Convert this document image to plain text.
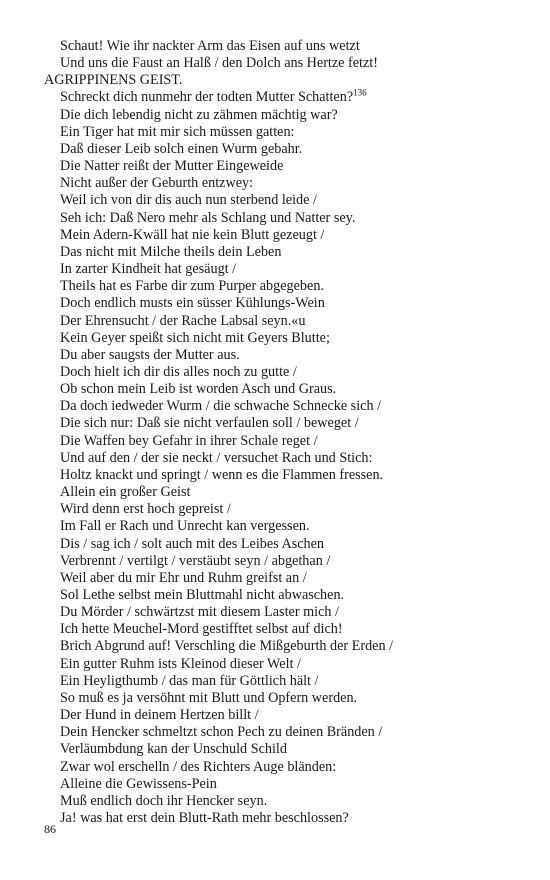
Schaut! Wie ihr nackter Arm das Eisen auf uns wetzt
Und uns die Faust an Halß / den Dolch ans Hertze fetzt!
AGRIPPINENS GEIST.
Schreckt dich nunmehr der todten Mutter Schatten?$^{136}$
Die dich lebendig nicht zu zähmen mächtig war?
Ein Tiger hat mit mir sich müssen gatten:
Daß dieser Leib solch einen Wurm gebahr.
Die Natter reißt der Mutter Eingeweide
Nicht außer der Geburth entzwey:
Weil ich von dir dis auch nun sterbend leide /
Seh ich: Daß Nero mehr als Schlang und Natter sey.
Mein Adern-Kwäll hat nie kein Blutt gezeugt /
Das nicht mit Milche theils dein Leben
In zarter Kindheit hat gesäugt /
Theils hat es Farbe dir zum Purper abgegeben.
Doch endlich musts ein süsser Kühlungs-Wein
Der Ehrensucht / der Rache Labsal seyn.«u
Kein Geyer speißt sich nicht mit Geyers Blutte;
Du aber saugsts der Mutter aus.
Doch hielt ich dir dis alles noch zu gutte /
Ob schon mein Leib ist worden Asch und Graus.
Da doch iedweder Wurm / die schwache Schnecke sich /
Die sich nur: Daß sie nicht verfaulen soll / beweget /
Die Waffen bey Gefahr in ihrer Schale reget /
Und auf den / der sie neckt / versuchet Rach und Stich:
Holtz knackt und springt / wenn es die Flammen fressen.
Allein ein großer Geist
Wird denn erst hoch gepreist /
Im Fall er Rach und Unrecht kan vergessen.
Dis / sag ich / solt auch mit des Leibes Aschen
Verbrennt / vertilgt / verstäubt seyn / abgethan /
Weil aber du mir Ehr und Ruhm greifst an /
Sol Lethe selbst mein Bluttmahl nicht abwaschen.
Du Mörder / schwärtzst mit diesem Laster mich /
Ich hette Meuchel-Mord gestifftet selbst auf dich!
Brich Abgrund auf! Verschling die Mißgeburth der Erden /
Ein gutter Ruhm ists Kleinod dieser Welt /
Ein Heyligthumb / das man für Göttlich hält /
So muß es ja versöhnt mit Blutt und Opfern werden.
Der Hund in deinem Hertzen billt /
Dein Hencker schmeltzt schon Pech zu deinen Bränden /
Verläumbdung kan der Unschuld Schild
Zwar wol erschelln / des Richters Auge bländen:
Alleine die Gewissens-Pein
Muß endlich doch ihr Hencker seyn.
Ja! was hat erst dein Blutt-Rath mehr beschlossen?
86
